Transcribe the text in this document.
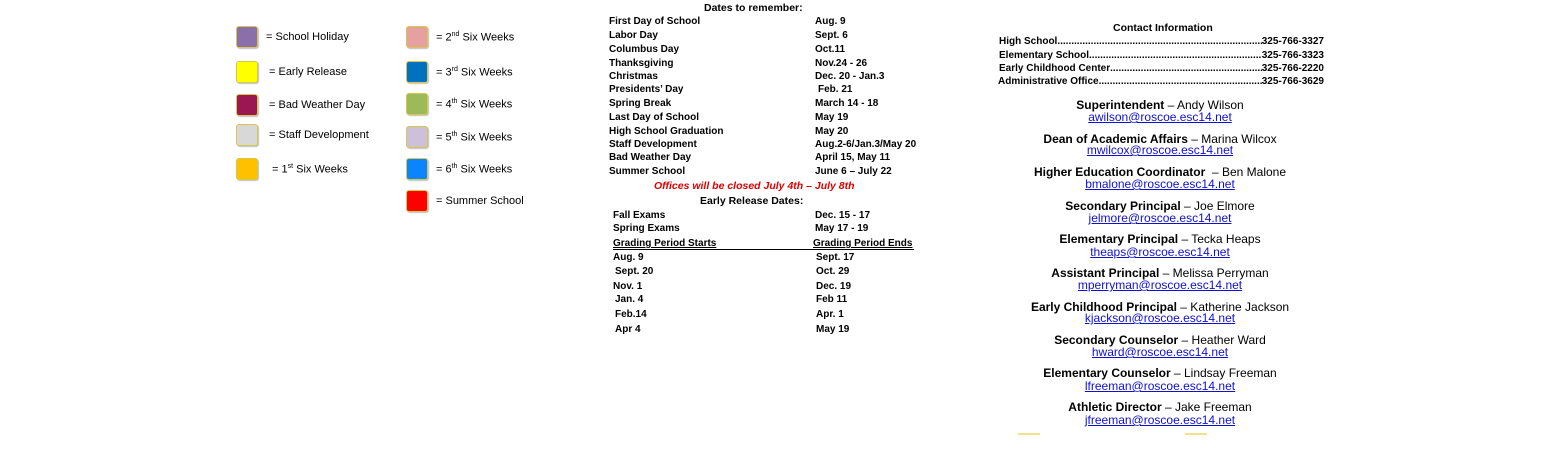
= School Holiday
= Early Release
= Bad Weather Day
= Staff Development
= 1st Six Weeks
= 2nd Six Weeks
= 3rd Six Weeks
= 4th Six Weeks
= 5th Six Weeks
= 6th Six Weeks
= Summer School
Dates to remember:
First Day of School	Aug. 9
Labor Day	Sept. 6
Columbus Day	Oct.11
Thanksgiving	Nov.24 - 26
Christmas	Dec. 20 - Jan.3
Presidents’ Day	Feb. 21
Spring Break	March 14 - 18
Last Day of School	May 19
High School Graduation	May 20
Staff Development	Aug.2-6/Jan.3/May 20
Bad Weather Day	April 15, May 11
Summer School	June 6 – July 22
Offices will be closed July 4th – July 8th
Early Release Dates:
Fall Exams	Dec. 15 - 17
Spring Exams	May 17 - 19
Grading Period Starts	Grading Period Ends
Aug. 9	Sept. 17
Sept. 20	Oct. 29
Nov. 1	Dec. 19
Jan. 4	Feb 11
Feb.14	Apr. 1
Apr 4	May 19
Contact Information
High School .....	325-766-3327
Elementary School .....	325-766-3323
Early Childhood Center .....	325-766-2220
Administrative Office .....	325-766-3629
Superintendent – Andy Wilson
awilson@roscoe.esc14.net
Dean of Academic Affairs – Marina Wilcox
mwilcox@roscoe.esc14.net
Higher Education Coordinator  – Ben Malone
bmalone@roscoe.esc14.net
Secondary Principal – Joe Elmore
jelmore@roscoe.esc14.net
Elementary Principal – Tecka Heaps
theaps@roscoe.esc14.net
Assistant Principal – Melissa Perryman
mperryman@roscoe.esc14.net
Early Childhood Principal – Katherine Jackson
kjackson@roscoe.esc14.net
Secondary Counselor – Heather Ward
hward@roscoe.esc14.net
Elementary Counselor – Lindsay Freeman
lfreeman@roscoe.esc14.net
Athletic Director – Jake Freeman
jfreeman@roscoe.esc14.net
